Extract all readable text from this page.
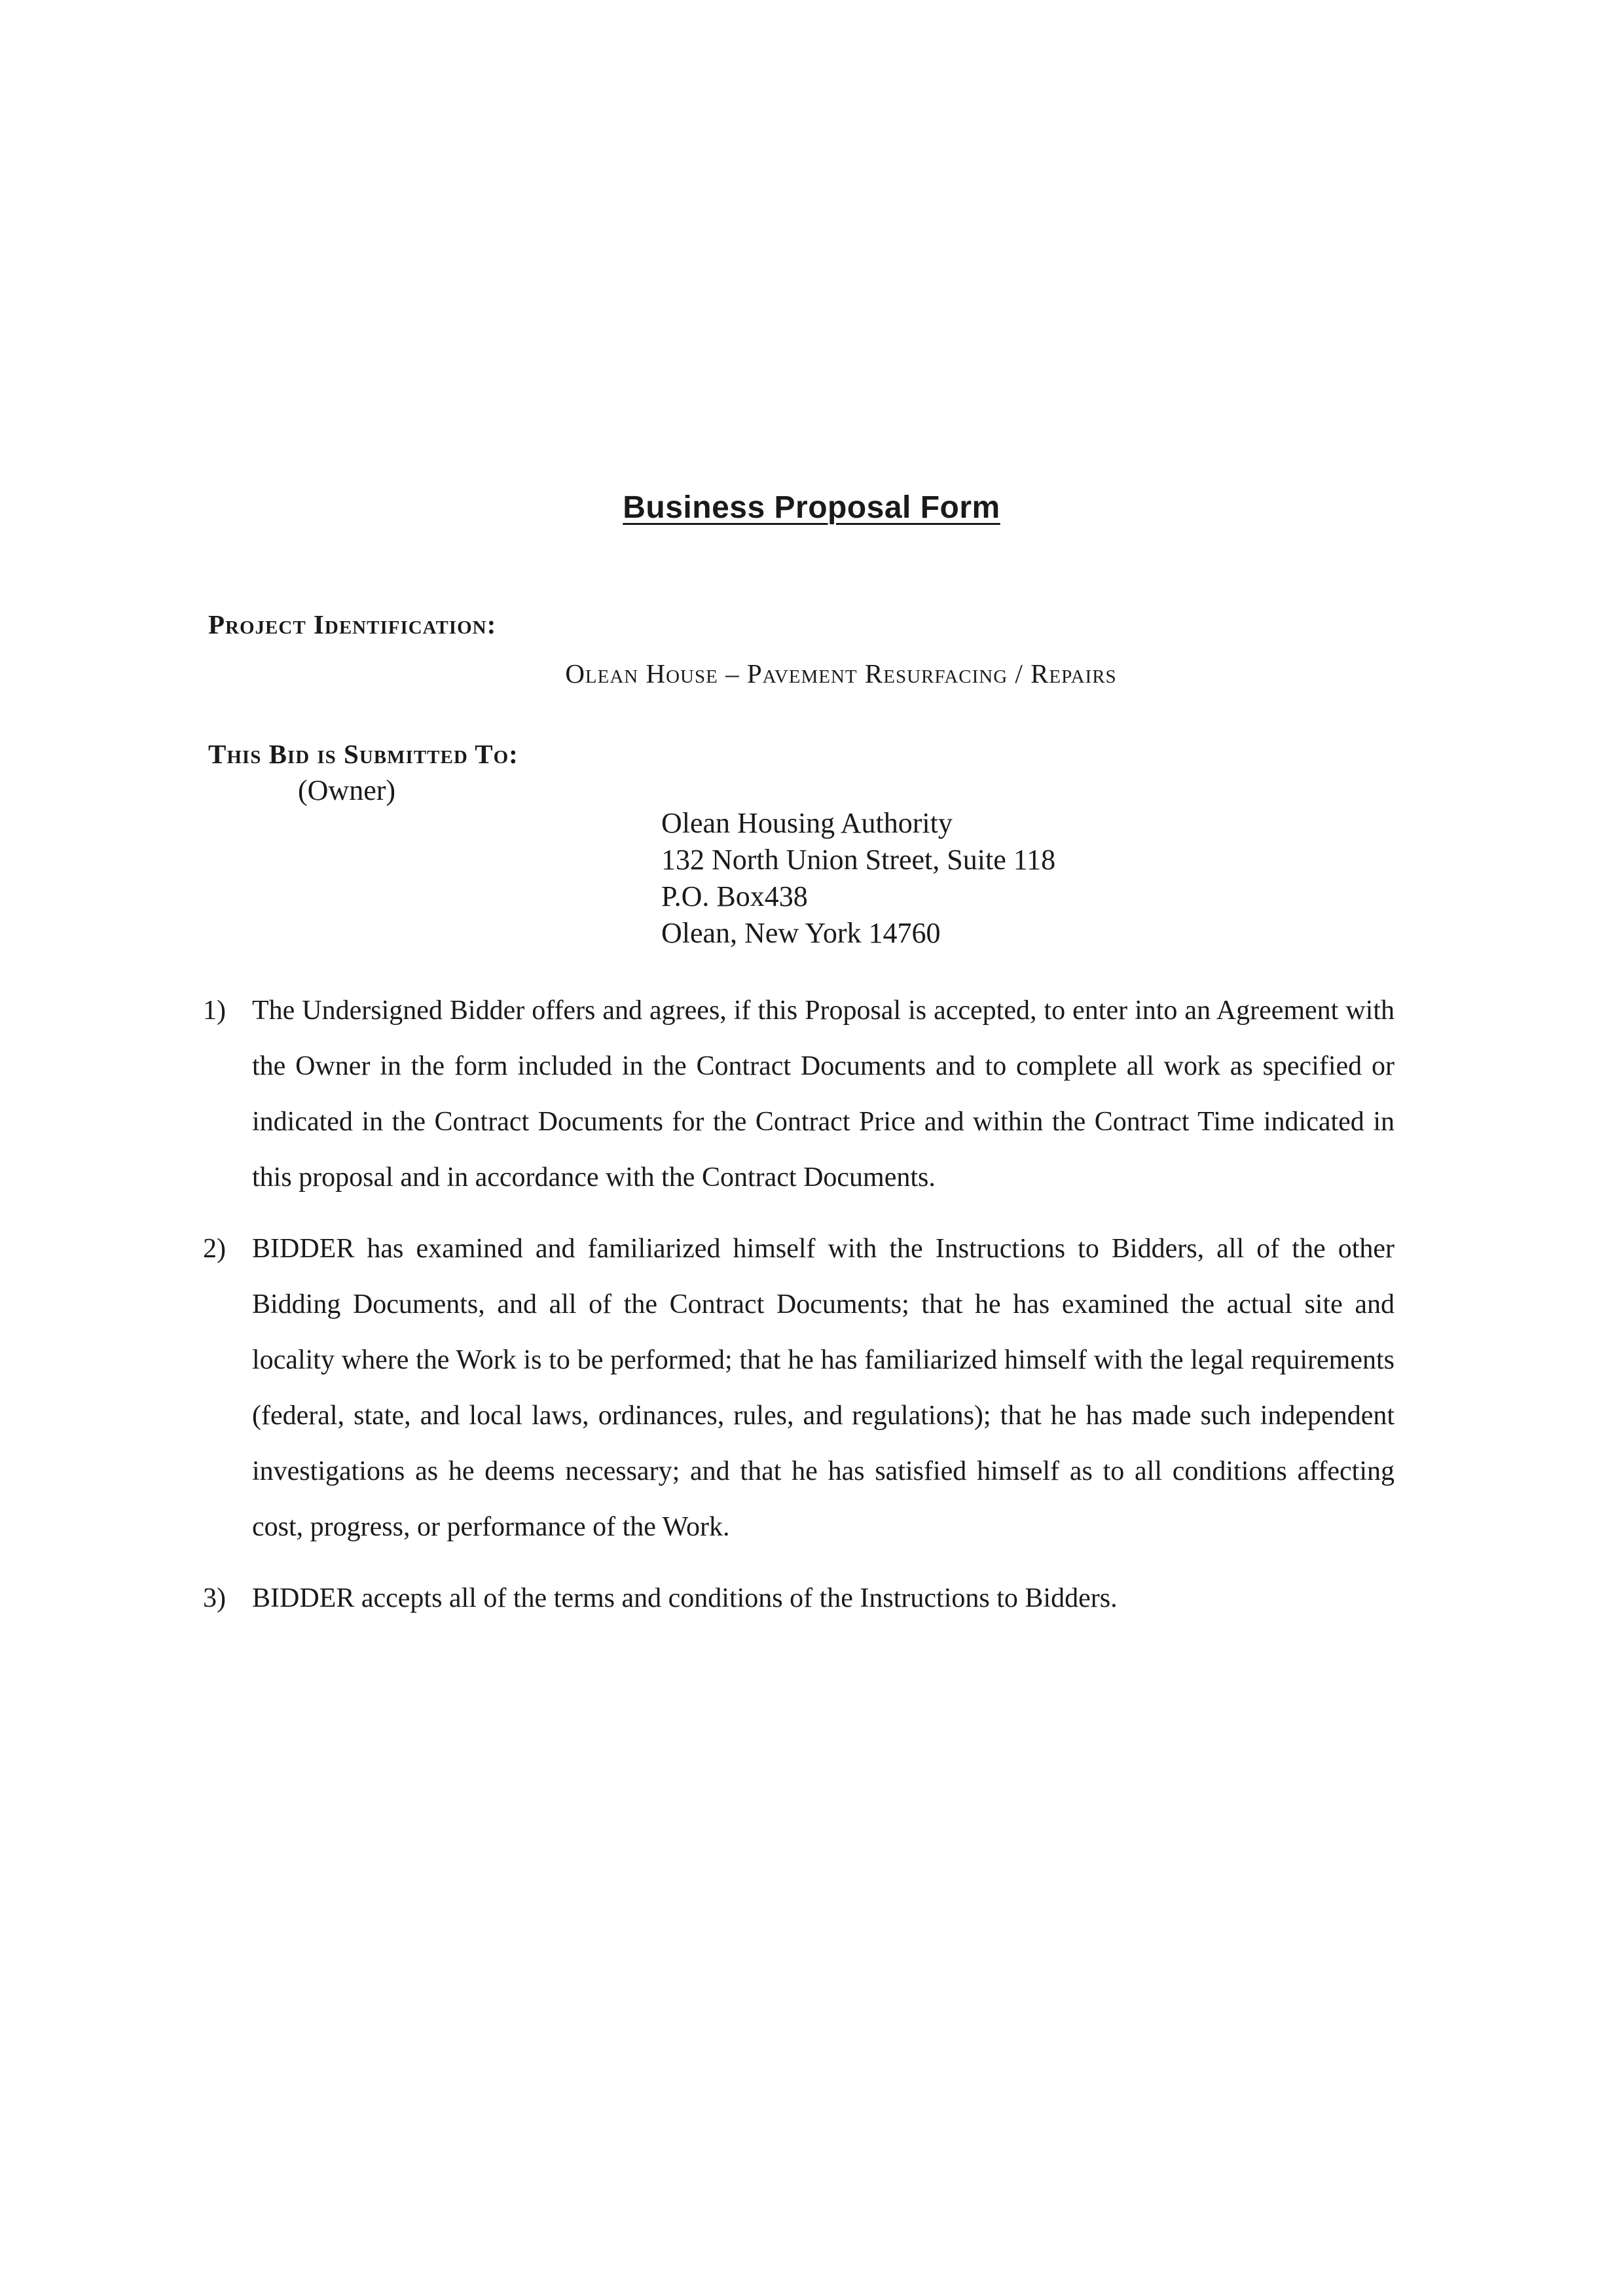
Business Proposal Form
Project Identification:
Olean House – Pavement Resurfacing / Repairs
This Bid is Submitted To:
(Owner)
Olean Housing Authority
132 North Union Street, Suite 118
P.O. Box438
Olean, New York 14760
1) The Undersigned Bidder offers and agrees, if this Proposal is accepted, to enter into an Agreement with the Owner in the form included in the Contract Documents and to complete all work as specified or indicated in the Contract Documents for the Contract Price and within the Contract Time indicated in this proposal and in accordance with the Contract Documents.
2) BIDDER has examined and familiarized himself with the Instructions to Bidders, all of the other Bidding Documents, and all of the Contract Documents; that he has examined the actual site and locality where the Work is to be performed; that he has familiarized himself with the legal requirements (federal, state, and local laws, ordinances, rules, and regulations); that he has made such independent investigations as he deems necessary; and that he has satisfied himself as to all conditions affecting cost, progress, or performance of the Work.
3) BIDDER accepts all of the terms and conditions of the Instructions to Bidders.
